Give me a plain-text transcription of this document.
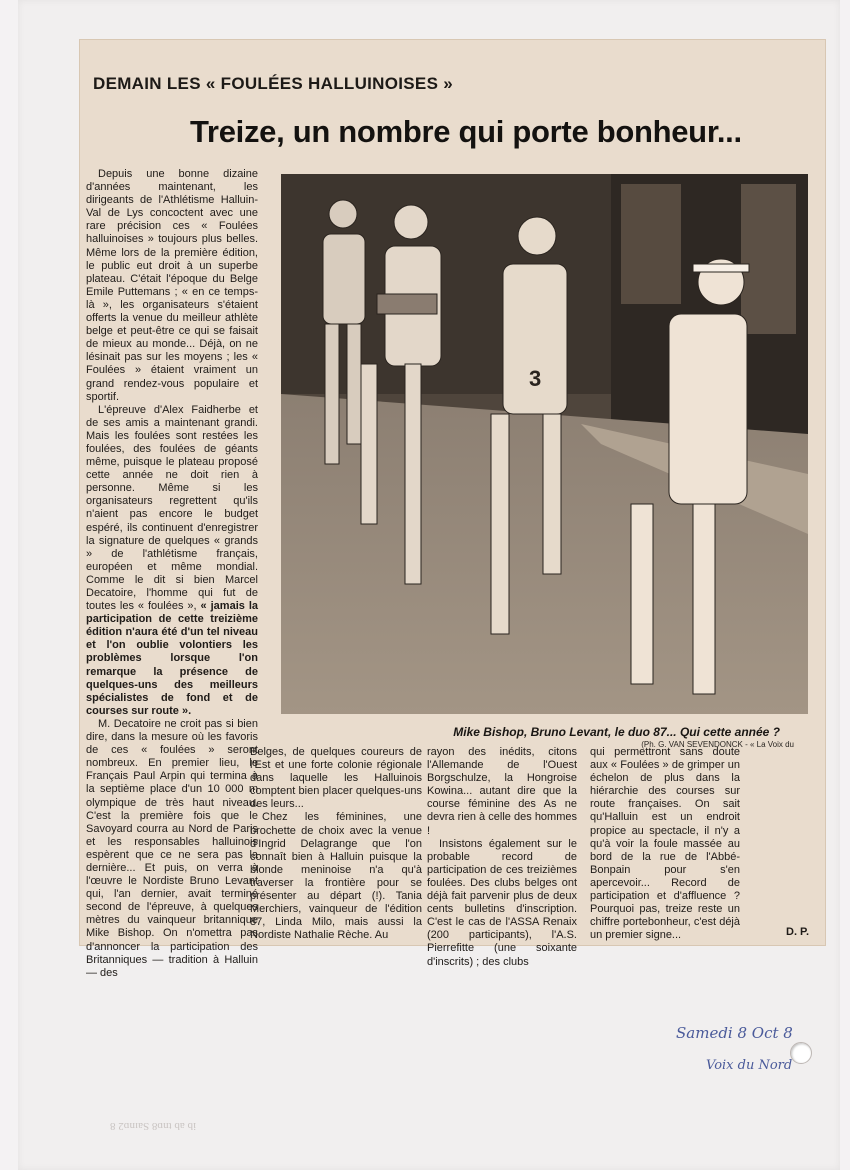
DEMAIN LES « FOULÉES HALLUINOISES »
Treize, un nombre qui porte bonheur...
3

Mike Bishop, Bruno Levant, le duo 87... Qui cette année ?

(Ph. G. VAN SEVENDONCK - « La Voix du

Depuis une bonne dizaine d'années maintenant, les dirigeants de l'Athlétisme Halluin-Val de Lys concoctent avec une rare précision ces « Foulées halluinoises » toujours plus belles. Même lors de la première édition, le public eut droit à un superbe plateau. C'était l'époque du Belge Emile Puttemans ; « en ce temps-là », les organisateurs s'étaient offerts la venue du meilleur athlète belge et peut-être ce qui se faisait de mieux au monde... Déjà, on ne lésinait pas sur les moyens ; les « Foulées » étaient vraiment un grand rendez-vous populaire et sportif.

L'épreuve d'Alex Faidherbe et de ses amis a maintenant grandi. Mais les foulées sont restées les foulées, des foulées de géants même, puisque le plateau proposé cette année ne doit rien à personne. Même si les organisateurs regrettent qu'ils n'aient pas encore le budget espéré, ils continuent d'enregistrer la signature de quelques « grands » de l'athlétisme français, européen et même mondial. Comme le dit si bien Marcel Decatoire, l'homme qui fut de toutes les « foulées », « jamais la participation de cette treizième édition n'aura été d'un tel niveau et l'on oublie volontiers les problèmes lorsque l'on remarque la présence de quelques-uns des meilleurs spécialistes de fond et de courses sur route ».

M. Decatoire ne croit pas si bien dire, dans la mesure où les favoris de ces « foulées » seront nombreux. En premier lieu, le Français Paul Arpin qui termina à la septième place d'un 10 000 m olympique de très haut niveau. C'est la première fois que le Savoyard courra au Nord de Paris et les responsables halluinois espèrent que ce ne sera pas la dernière... Et puis, on verra à l'œuvre le Nordiste Bruno Levant qui, l'an dernier, avait terminé second de l'épreuve, à quelques mètres du vainqueur britannique Mike Bishop. On n'omettra pas d'annoncer la participation des Britanniques — tradition à Halluin — des

Belges, de quelques coureurs de l'Est et une forte colonie régionale dans laquelle les Halluinois comptent bien placer quelques-uns des leurs...

Chez les féminines, une brochette de choix avec la venue d'Ingrid Delagrange que l'on connaît bien à Halluin puisque la blonde meninoise n'a qu'à traverser la frontière pour se présenter au départ (!). Tania Merchiers, vainqueur de l'édition 87, Linda Milo, mais aussi la Nordiste Nathalie Rèche. Au

rayon des inédits, citons l'Allemande de l'Ouest Borgschulze, la Hongroise Kowina... autant dire que la course féminine des As ne devra rien à celle des hommes !

Insistons également sur le probable record de participation de ces treizièmes foulées. Des clubs belges ont déjà fait parvenir plus de deux cents bulletins d'inscription. C'est le cas de l'ASSA Renaix (200 participants), l'A.S. Pierrefitte (une soixante d'inscrits) ; des clubs

qui permettront sans doute aux « Foulées » de grimper un échelon de plus dans la hiérarchie des courses sur route françaises. On sait qu'Halluin est un endroit propice au spectacle, il n'y a qu'à voir la foule massée au bord de la rue de l'Abbé-Bonpain pour s'en apercevoir... Record de participation et d'affluence ? Pourquoi pas, treize reste un chiffre portebonheur, c'est déjà un premier signe...	D. P.

Samedi 8 Oct 8

Voix du Nord

ib ab tnɒ8 Saɪnɒ2 8
